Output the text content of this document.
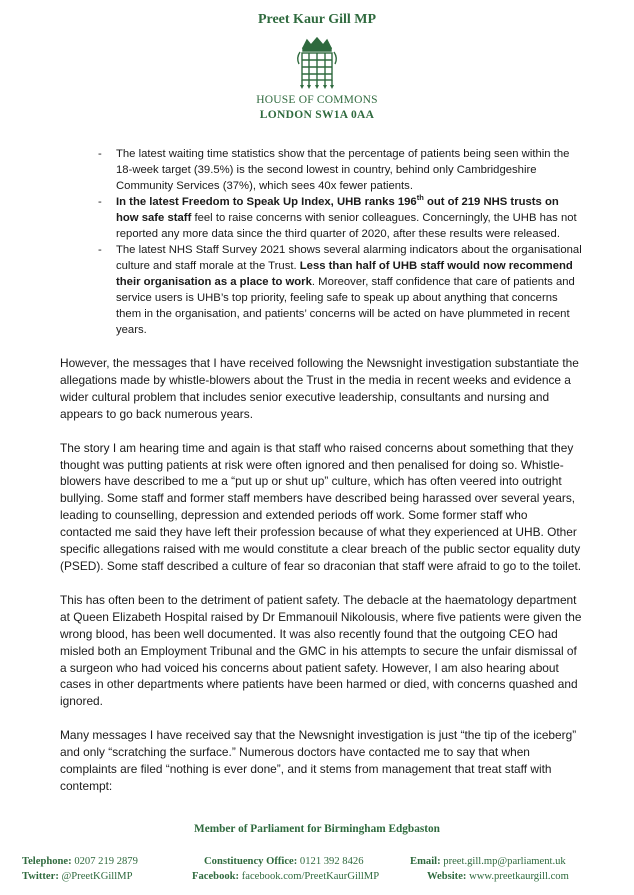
Preet Kaur Gill MP
HOUSE OF COMMONS
LONDON SW1A 0AA
- The latest waiting time statistics show that the percentage of patients being seen within the 18-week target (39.5%) is the second lowest in country, behind only Cambridgeshire Community Services (37%), which sees 40x fewer patients.
- In the latest Freedom to Speak Up Index, UHB ranks 196th out of 219 NHS trusts on how safe staff feel to raise concerns with senior colleagues. Concerningly, the UHB has not reported any more data since the third quarter of 2020, after these results were released.
- The latest NHS Staff Survey 2021 shows several alarming indicators about the organisational culture and staff morale at the Trust. Less than half of UHB staff would now recommend their organisation as a place to work. Moreover, staff confidence that care of patients and service users is UHB’s top priority, feeling safe to speak up about anything that concerns them in the organisation, and patients’ concerns will be acted on have plummeted in recent years.

However, the messages that I have received following the Newsnight investigation substantiate the allegations made by whistle-blowers about the Trust in the media in recent weeks and evidence a wider cultural problem that includes senior executive leadership, consultants and nursing and appears to go back numerous years.

The story I am hearing time and again is that staff who raised concerns about something that they thought was putting patients at risk were often ignored and then penalised for doing so. Whistle-blowers have described to me a “put up or shut up” culture, which has often veered into outright bullying. Some staff and former staff members have described being harassed over several years, leading to counselling, depression and extended periods off work. Some former staff who contacted me said they have left their profession because of what they experienced at UHB. Other specific allegations raised with me would constitute a clear breach of the public sector equality duty (PSED). Some staff described a culture of fear so draconian that staff were afraid to go to the toilet.

This has often been to the detriment of patient safety. The debacle at the haematology department at Queen Elizabeth Hospital raised by Dr Emmanouil Nikolousis, where five patients were given the wrong blood, has been well documented. It was also recently found that the outgoing CEO had misled both an Employment Tribunal and the GMC in his attempts to secure the unfair dismissal of a surgeon who had voiced his concerns about patient safety. However, I am also hearing about cases in other departments where patients have been harmed or died, with concerns quashed and ignored.

Many messages I have received say that the Newsnight investigation is just “the tip of the iceberg” and only “scratching the surface.” Numerous doctors have contacted me to say that when complaints are filed “nothing is ever done”, and it stems from management that treat staff with contempt:

Member of Parliament for Birmingham Edgbaston
Telephone: 0207 219 2879	Constituency Office: 0121 392 8426	Email: preet.gill.mp@parliament.uk
Twitter: @PreetKGillMP	Facebook: facebook.com/PreetKaurGillMP	Website: www.preetkaurgill.com
